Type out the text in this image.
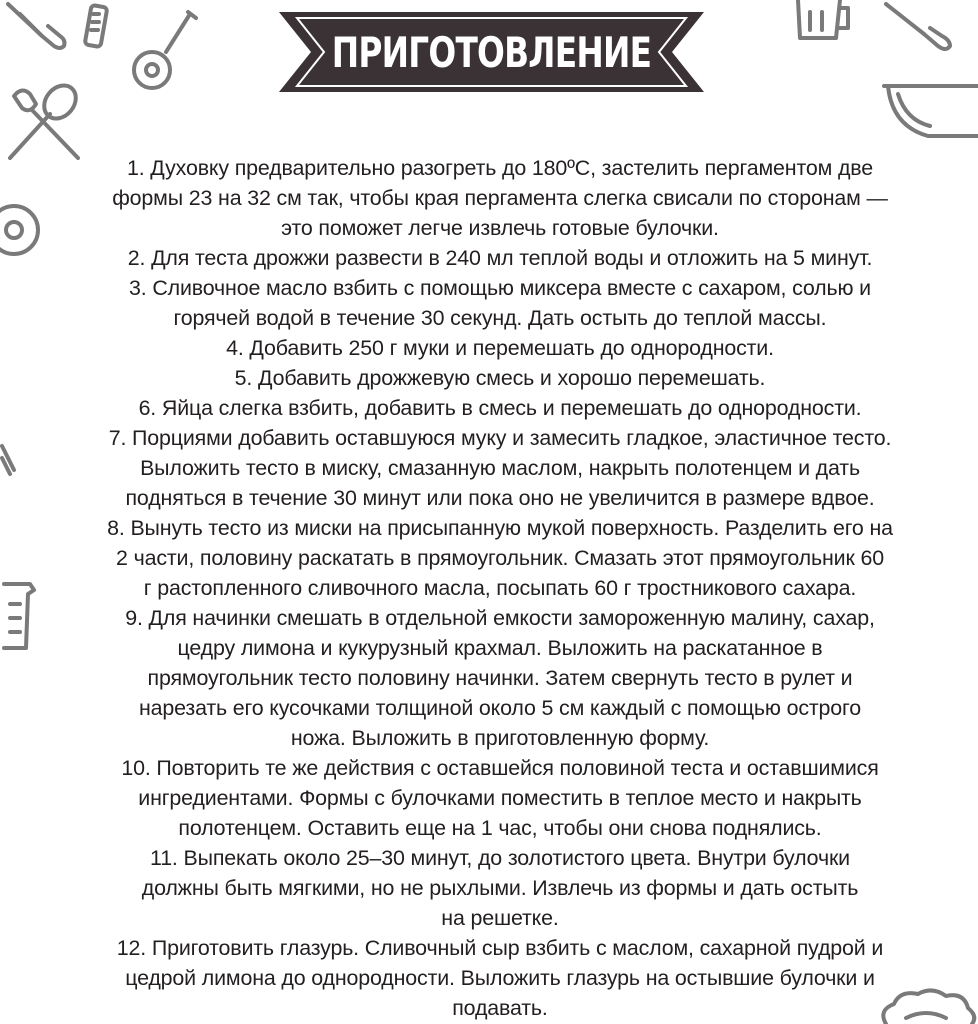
ПРИГОТОВЛЕНИЕ
1. Духовку предварительно разогреть до 180ºC, застелить пергаментом две
формы 23 на 32 см так, чтобы края пергамента слегка свисали по сторонам —
это поможет легче извлечь готовые булочки.
2. Для теста дрожжи развести в 240 мл теплой воды и отложить на 5 минут.
3. Сливочное масло взбить с помощью миксера вместе с сахаром, солью и
горячей водой в течение 30 секунд. Дать остыть до теплой массы.
4. Добавить 250 г муки и перемешать до однородности.
5. Добавить дрожжевую смесь и хорошо перемешать.
6. Яйца слегка взбить, добавить в смесь и перемешать до однородности.
7. Порциями добавить оставшуюся муку и замесить гладкое, эластичное тесто.
Выложить тесто в миску, смазанную маслом, накрыть полотенцем и дать
подняться в течение 30 минут или пока оно не увеличится в размере вдвое.
8. Вынуть тесто из миски на присыпанную мукой поверхность. Разделить его на
2 части, половину раскатать в прямоугольник. Смазать этот прямоугольник 60
г растопленного сливочного масла, посыпать 60 г тростникового сахара.
9. Для начинки смешать в отдельной емкости замороженную малину, сахар,
цедру лимона и кукурузный крахмал. Выложить на раскатанное в
прямоугольник тесто половину начинки. Затем свернуть тесто в рулет и
нарезать его кусочками толщиной около 5 см каждый с помощью острого
ножа. Выложить в приготовленную форму.
10. Повторить те же действия с оставшейся половиной теста и оставшимися
ингредиентами. Формы с булочками поместить в теплое место и накрыть
полотенцем. Оставить еще на 1 час, чтобы они снова поднялись.
11. Выпекать около 25–30 минут, до золотистого цвета. Внутри булочки
должны быть мягкими, но не рыхлыми. Извлечь из формы и дать остыть
на решетке.
12. Приготовить глазурь. Сливочный сыр взбить с маслом, сахарной пудрой и
цедрой лимона до однородности. Выложить глазурь на остывшие булочки и
подавать.
